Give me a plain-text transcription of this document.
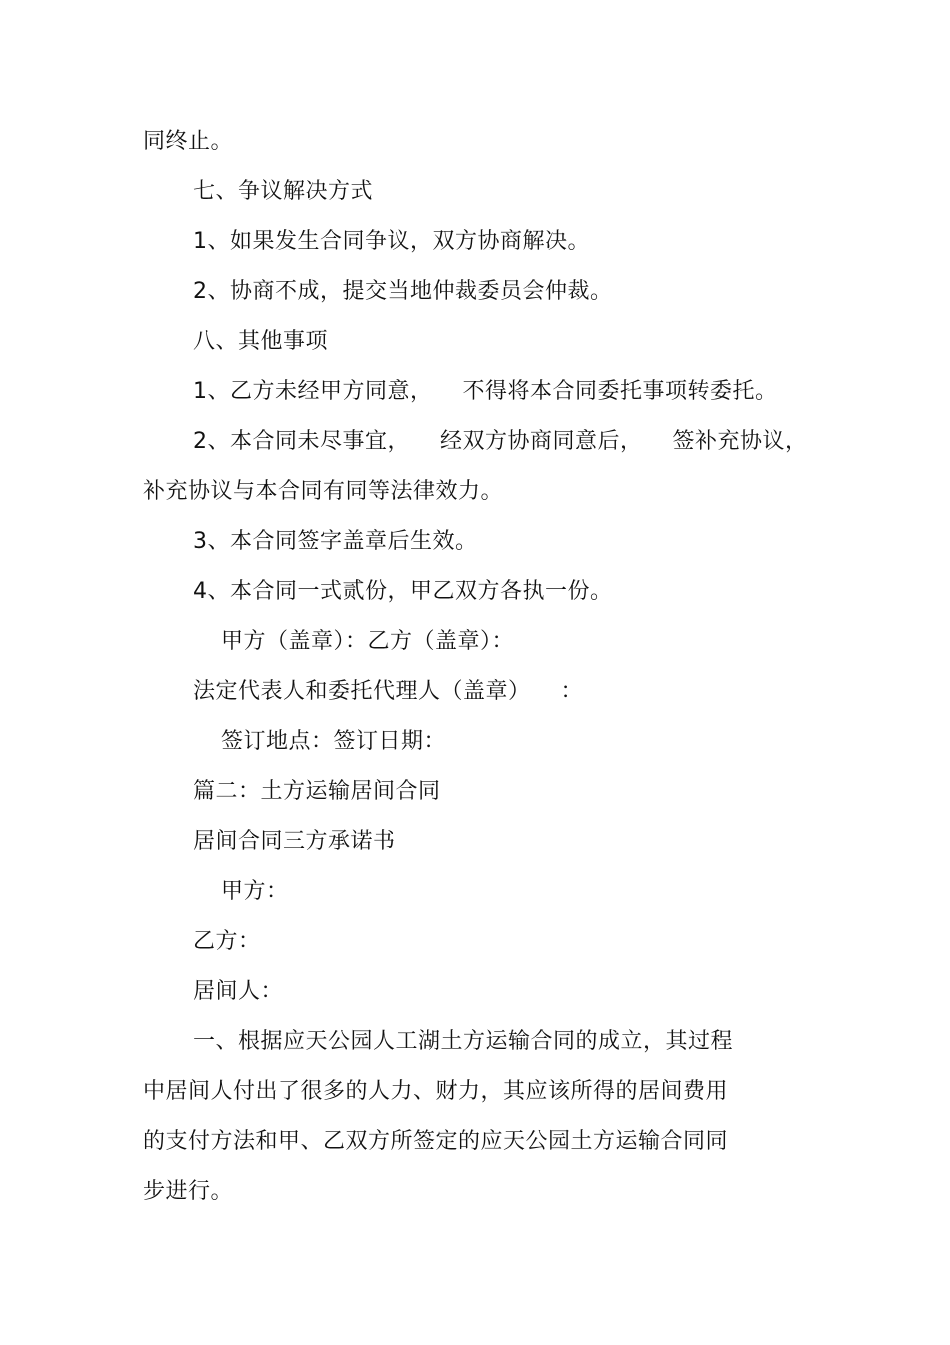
同终止。
七、争议解决方式
1、如果发生合同争议，双方协商解决。
2、协商不成，提交当地仲裁委员会仲裁。
八、其他事项
1、乙方未经甲方同意，    不得将本合同委托事项转委托。
2、本合同未尽事宜，    经双方协商同意后，    签补充协议，
补充协议与本合同有同等法律效力。
3、本合同签字盖章后生效。
4、本合同一式贰份，甲乙双方各执一份。
甲方（盖章）：乙方（盖章）：
法定代表人和委托代理人（盖章）    ：
签订地点：签订日期：
篇二：土方运输居间合同
居间合同三方承诺书
甲方：
乙方：
居间人：
一、根据应天公园人工湖土方运输合同的成立，其过程
中居间人付出了很多的人力、财力，其应该所得的居间费用
的支付方法和甲、乙双方所签定的应天公园土方运输合同同
步进行。
